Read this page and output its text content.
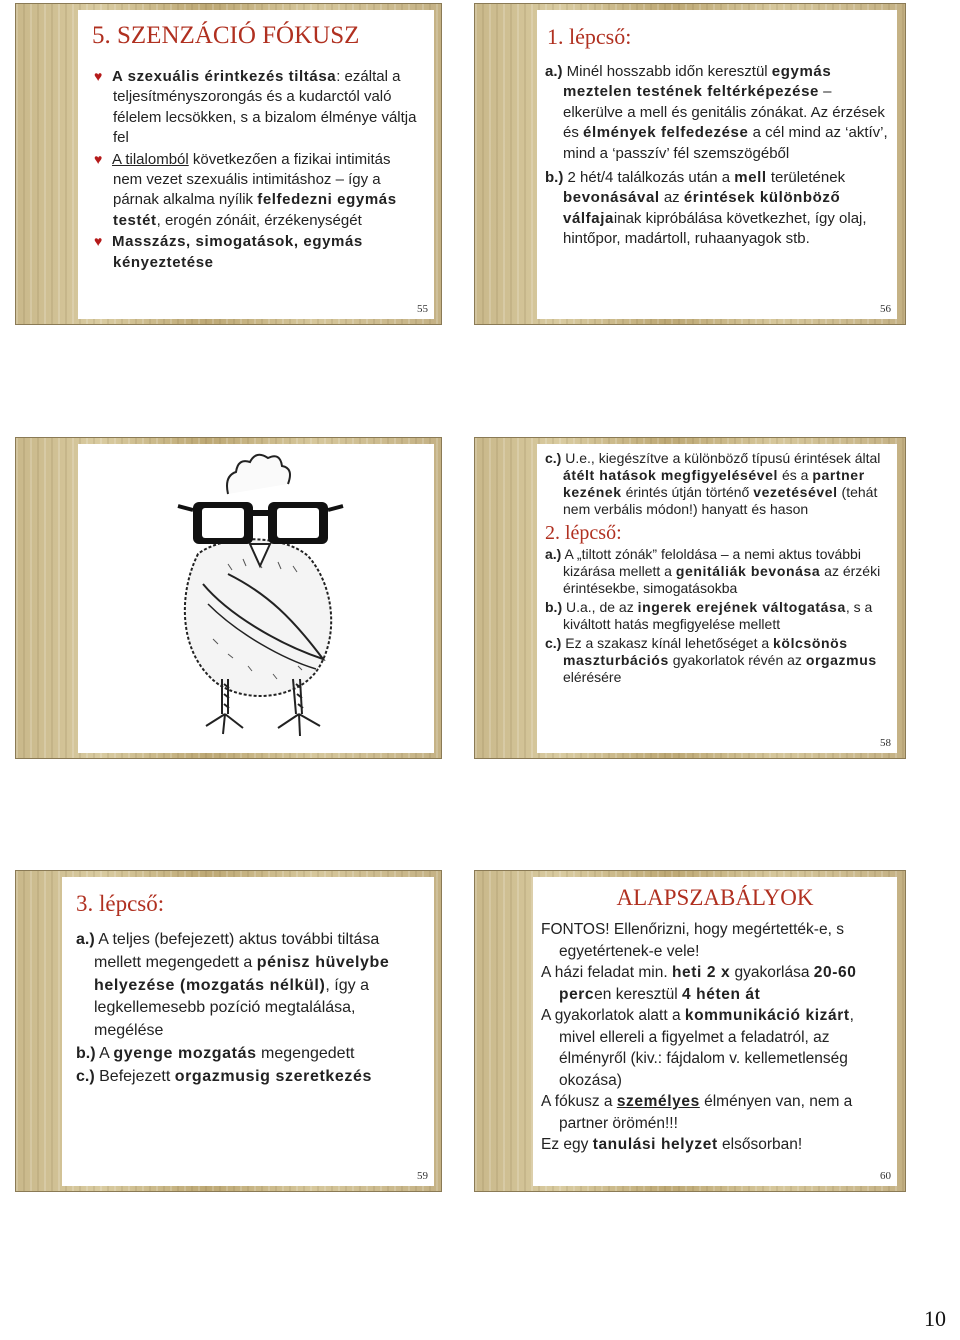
5. SZENZÁCIÓ FÓKUSZ

♥ A szexuális érintkezés tiltása: ezáltal a teljesítményszorongás és a kudarctól való félelem lecsökken, s a bizalom élménye váltja fel

♥ A tilalomból következően a fizikai intimitás nem vezet szexuális intimitáshoz – így a párnak alkalma nyílik felfedezni egymás testét, erogén zónáit, érzékenységét

♥ Masszázs, simogatások, egymás kényeztetése

55
1. lépcső:

a.) Minél hosszabb időn keresztül egymás meztelen testének feltérképezése – elkerülve a mell és genitális zónákat. Az érzések és élmények felfedezése a cél mind az ‘aktív’, mind a ‘passzív’ fél szemszögéből

b.) 2 hét/4 találkozás után a mell területének bevonásával az érintések különböző válfajainak kipróbálása következhet, így olaj, hintőpor, madártoll, ruhaanyagok stb.

56

c.) U.e., kiegészítve a különböző típusú érintések által átélt hatások megfigyelésével és a partner kezének érintés útján történő vezetésével (tehát nem verbális módon!) hanyatt és hason

2. lépcső:

a.) A „tiltott zónák” feloldása – a nemi aktus további kizárása mellett a genitáliák bevonása az érzéki érintésekbe, simogatásokba

b.) U.a., de az ingerek erejének váltogatása, s a kiváltott hatás megfigyelése mellett

c.) Ez a szakasz kínál lehetőséget a kölcsönös maszturbációs gyakorlatok révén az orgazmus elérésére

58
3. lépcső:

a.) A teljes (befejezett) aktus további tiltása mellett megengedett a pénisz hüvelybe helyezése (mozgatás nélkül), így a legkellemesebb pozíció megtalálása, megélése

b.) A gyenge mozgatás megengedett

c.) Befejezett orgazmusig szeretkezés

59
ALAPSZABÁLYOK

FONTOS! Ellenőrizni, hogy megértették-e, s egyetértenek-e vele!

A házi feladat min. heti 2 x gyakorlása 20-60 percen keresztül 4 héten át

A gyakorlatok alatt a kommunikáció kizárt, mivel ellereli a figyelmet a feladatról, az élményről (kiv.: fájdalom v. kellemetlenség okozása)

A fókusz a személyes élményen van, nem a partner örömén!!!

Ez egy tanulási helyzet elsősorban!

60
10
